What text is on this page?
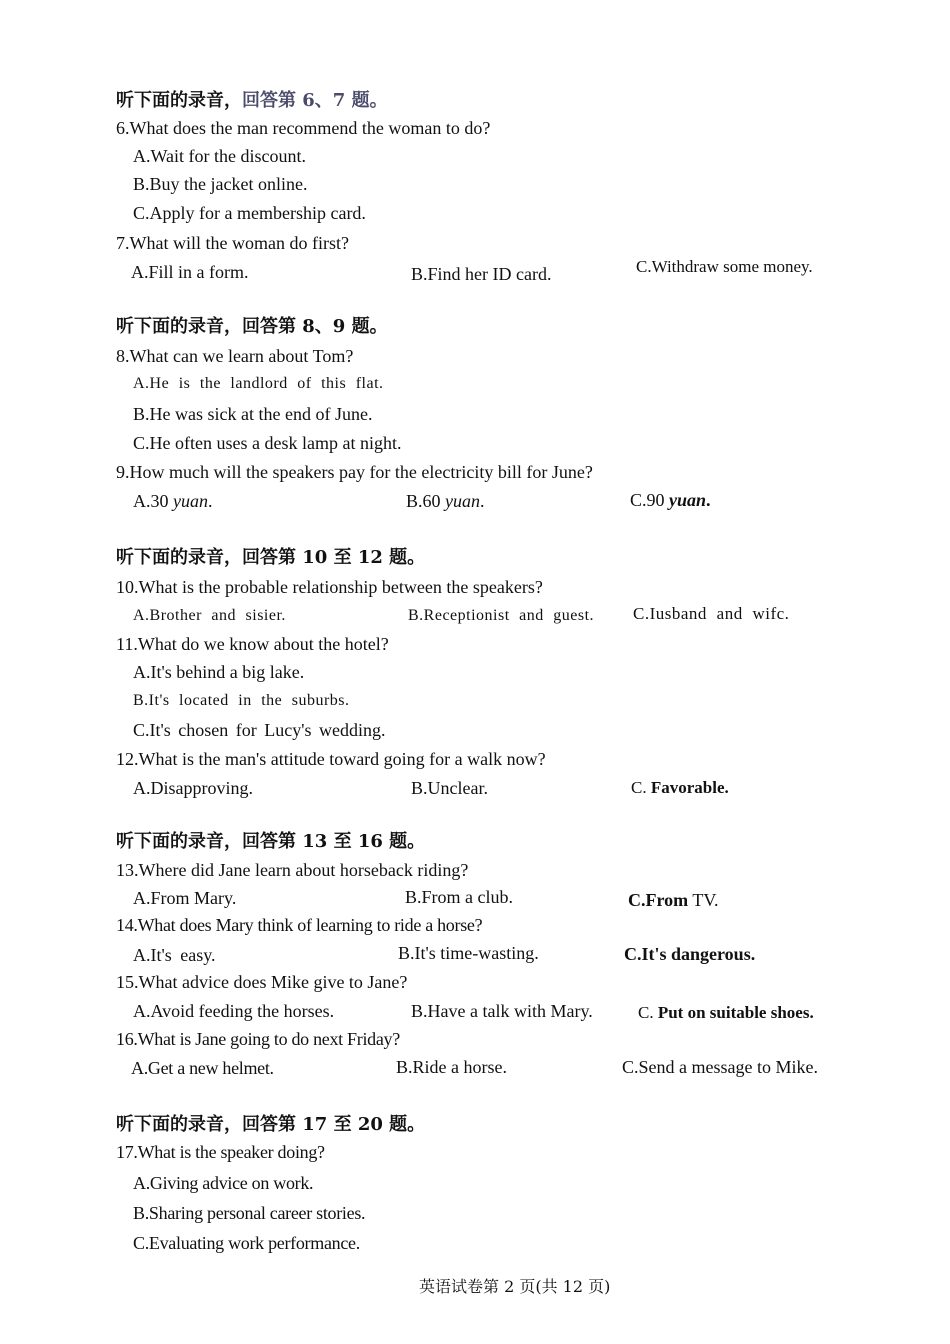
听下面的录音，回答第 6、7 题。
6.What does the man recommend the woman to do?
A.Wait for the discount.
B.Buy the jacket online.
C.Apply for a membership card.
7.What will the woman do first?
A.Fill in a form.	B.Find her ID card.	C.Withdraw some money.
听下面的录音，回答第 8、9 题。
8.What can we learn about Tom?
A.He is the landlord of this flat.
B.He was sick at the end of June.
C.He often uses a desk lamp at night.
9.How much will the speakers pay for the electricity bill for June?
A.30 yuan.	B.60 yuan.	C.90 yuan.
听下面的录音，回答第 10 至 12 题。
10.What is the probable relationship between the speakers?
A.Brother and sisier.	B.Receptionist and guest. C.Iusband and wifc.
11.What do we know about the hotel?
A.It's behind a big lake.
B.It's located in the suburbs.
C.It's chosen for Lucy's wedding.
12.What is the man's attitude toward going for a walk now?
A.Disapproving.	B.Unclear.	C. Favorable.
听下面的录音，回答第 13 至 16 题。
13.Where did Jane learn about horseback riding?
A.From Mary.	B.From a club.	C.From TV.
14.What does Mary think of learning to ride a horse?
A.It's easy.	B.It's time-wasting.	C.It's dangerous.
15.What advice does Mike give to Jane?
A.Avoid feeding the horses.	B.Have a talk with Mary.	C. Put on suitable shoes.
16.What is Jane going to do next Friday?
A.Get a new helmet.	B.Ride a horse.	C.Send a message to Mike.
听下面的录音，回答第 17 至 20 题。
17.What is the speaker doing?
A.Giving advice on work.
B.Sharing personal career stories.
C.Evaluating work performance.
英语试卷第 2 页(共 12 页)
